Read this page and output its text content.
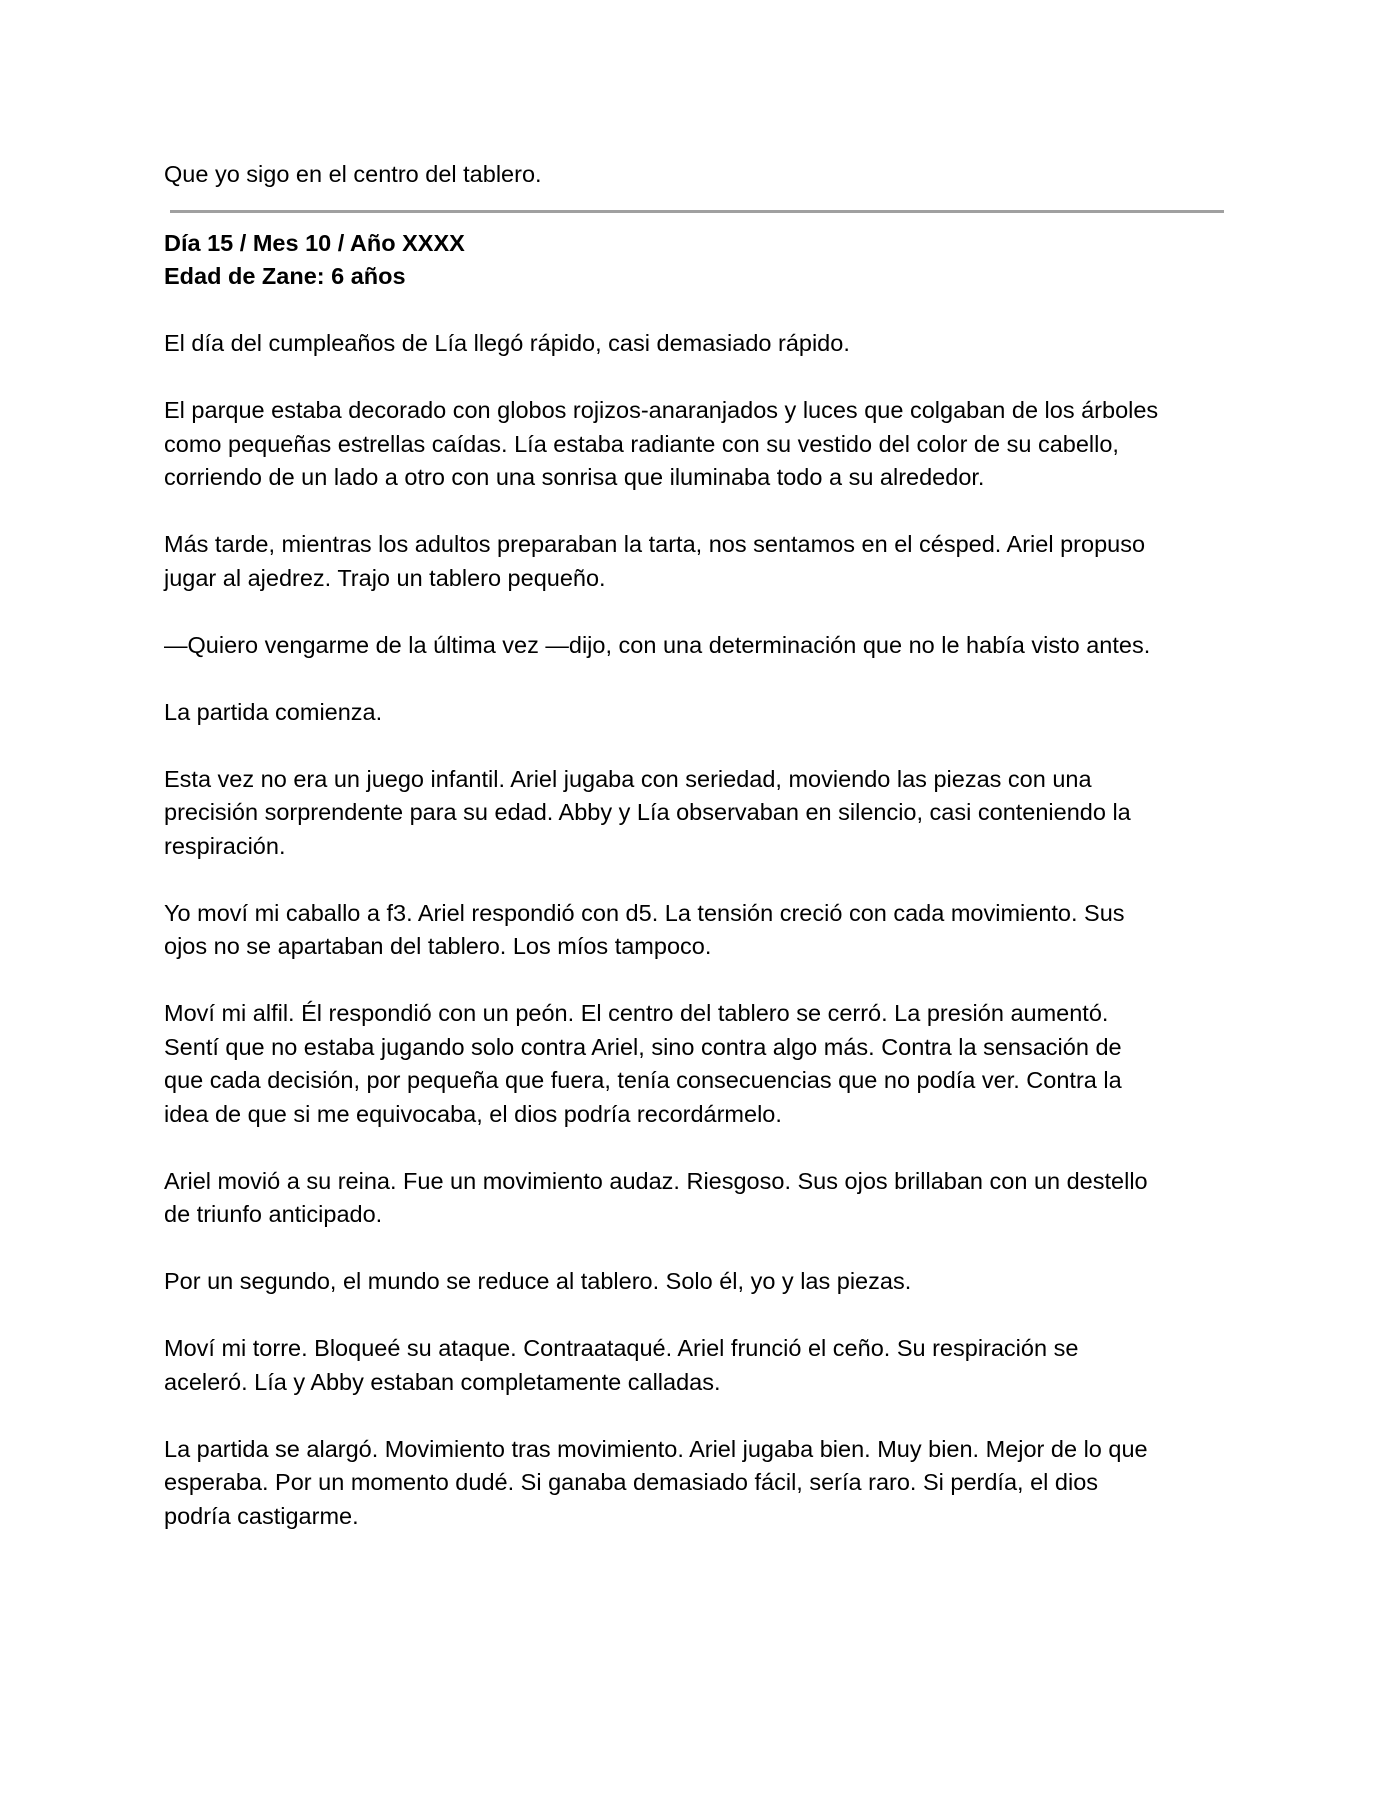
Que yo sigo en el centro del tablero.

Día 15 / Mes 10 / Año XXXX

Edad de Zane: 6 años

El día del cumpleaños de Lía llegó rápido, casi demasiado rápido.
El parque estaba decorado con globos rojizos-anaranjados y luces que colgaban de los árboles
como pequeñas estrellas caídas. Lía estaba radiante con su vestido del color de su cabello,
corriendo de un lado a otro con una sonrisa que iluminaba todo a su alrededor.
Más tarde, mientras los adultos preparaban la tarta, nos sentamos en el césped. Ariel propuso
jugar al ajedrez. Trajo un tablero pequeño.
—Quiero vengarme de la última vez —dijo, con una determinación que no le había visto antes.
La partida comienza.
Esta vez no era un juego infantil. Ariel jugaba con seriedad, moviendo las piezas con una
precisión sorprendente para su edad. Abby y Lía observaban en silencio, casi conteniendo la
respiración.
Yo moví mi caballo a f3. Ariel respondió con d5. La tensión creció con cada movimiento. Sus
ojos no se apartaban del tablero. Los míos tampoco.
Moví mi alfil. Él respondió con un peón. El centro del tablero se cerró. La presión aumentó.
Sentí que no estaba jugando solo contra Ariel, sino contra algo más. Contra la sensación de
que cada decisión, por pequeña que fuera, tenía consecuencias que no podía ver. Contra la
idea de que si me equivocaba, el dios podría recordármelo.
Ariel movió a su reina. Fue un movimiento audaz. Riesgoso. Sus ojos brillaban con un destello
de triunfo anticipado.
Por un segundo, el mundo se reduce al tablero. Solo él, yo y las piezas.
Moví mi torre. Bloqueé su ataque. Contraataqué. Ariel frunció el ceño. Su respiración se
aceleró. Lía y Abby estaban completamente calladas.
La partida se alargó. Movimiento tras movimiento. Ariel jugaba bien. Muy bien. Mejor de lo que
esperaba. Por un momento dudé. Si ganaba demasiado fácil, sería raro. Si perdía, el dios
podría castigarme.
